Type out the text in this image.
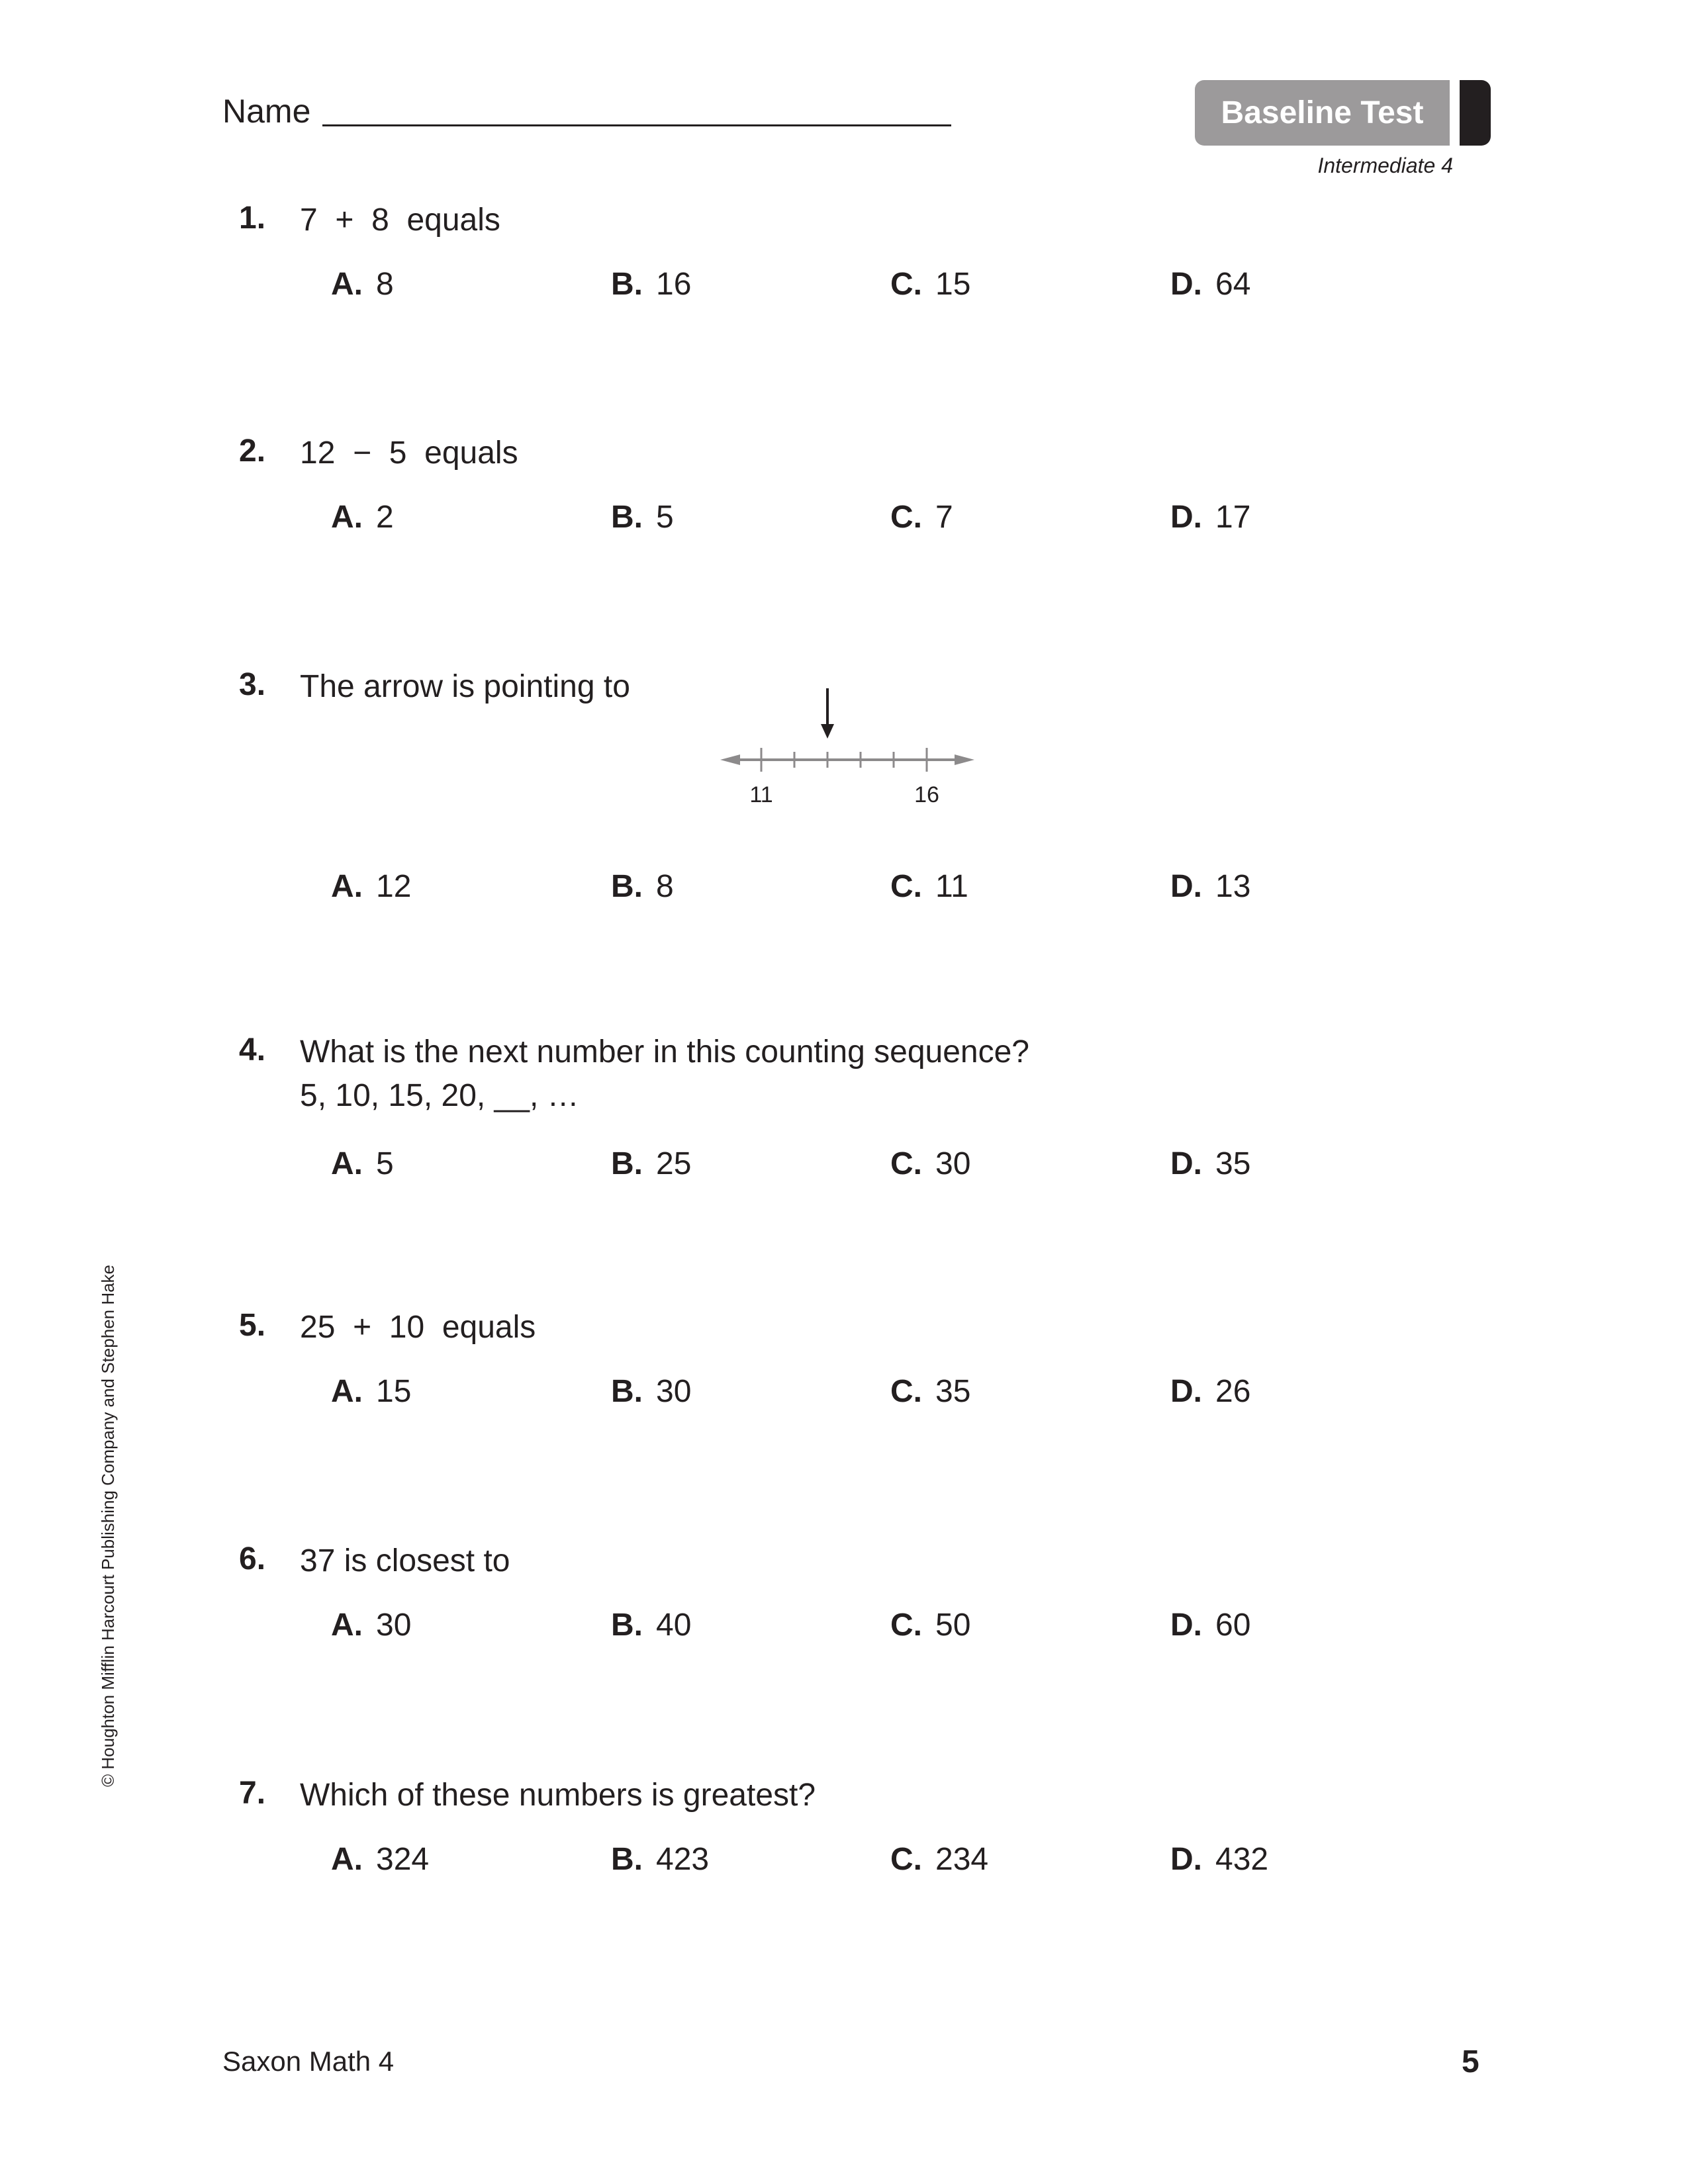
Name	Baseline Test
Intermediate 4
1. 7  +  8  equals
A. 8	B. 16	C. 15	D. 64
2. 12  −  5  equals
A. 2	B. 5	C. 7	D. 17
3. The arrow is pointing to
A. 12	B. 8	C. 11	D. 13
11	16
4. What is the next number in this counting sequence?
5, 10, 15, 20, __, …
A. 5	B. 25	C. 30	D. 35
5. 25  +  10  equals
A. 15	B. 30	C. 35	D. 26
6. 37 is closest to
A. 30	B. 40	C. 50	D. 60
7. Which of these numbers is greatest?
A. 324	B. 423	C. 234	D. 432
© Houghton Mifflin Harcourt Publishing Company and Stephen Hake
Saxon Math 4	5
